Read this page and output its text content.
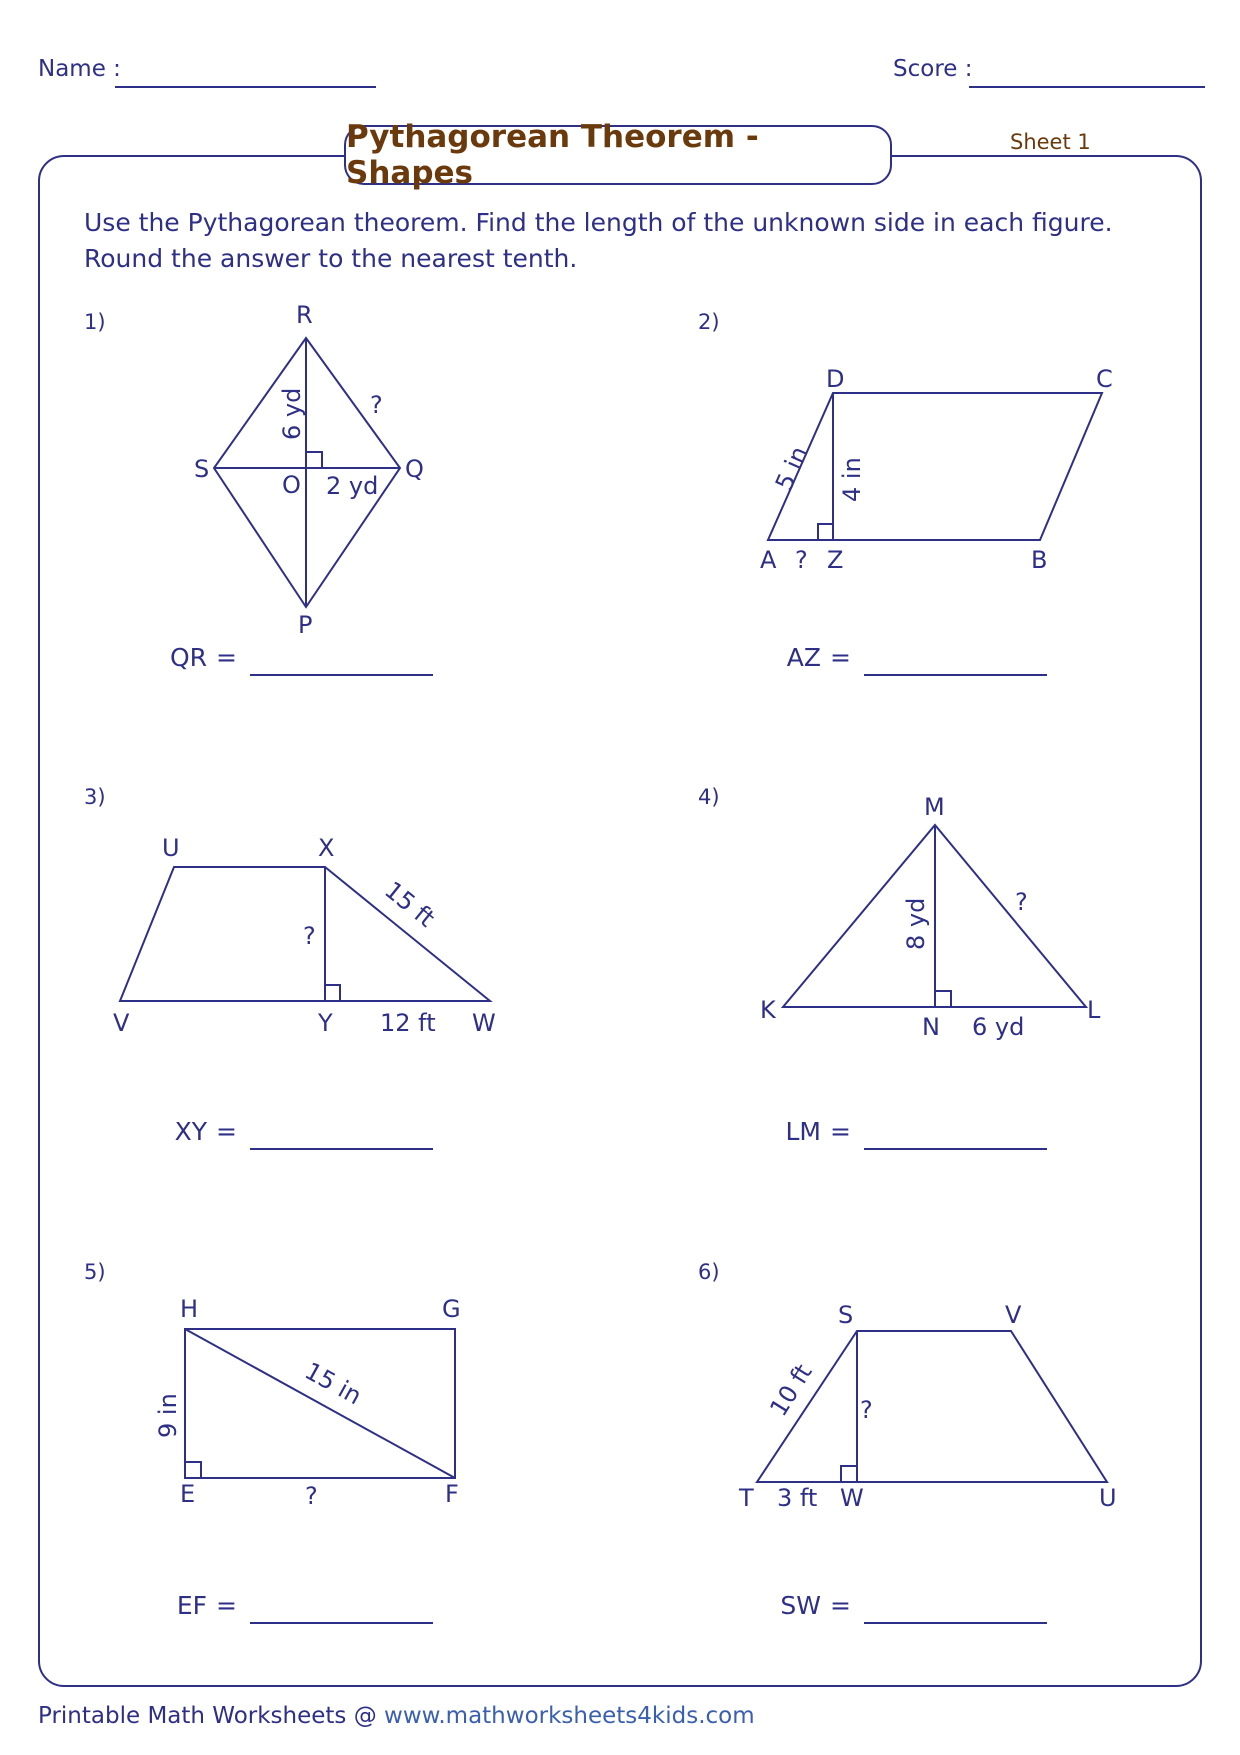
Name :	Score :
Pythagorean Theorem - Shapes
Sheet 1
Use the Pythagorean theorem. Find the length of the unknown side in each figure. Round the answer to the nearest tenth.
1)	2)
3)	4)
5)	6)
R
S
O
Q
P
6 yd
2 yd
?
D	C
A Z	B
5 in 4 in
?
U	X
V	Y	W
15 ft
12 ft
?
M
K
N
L
8 yd
6 yd
?
H	G
E	F
15 in
9 in
?
S	V
T	W	U
10 ft
3 ft
?
QR =	AZ =
XY =	LM =
EF =	SW =
Printable Math Worksheets @ www.mathworksheets4kids.com
